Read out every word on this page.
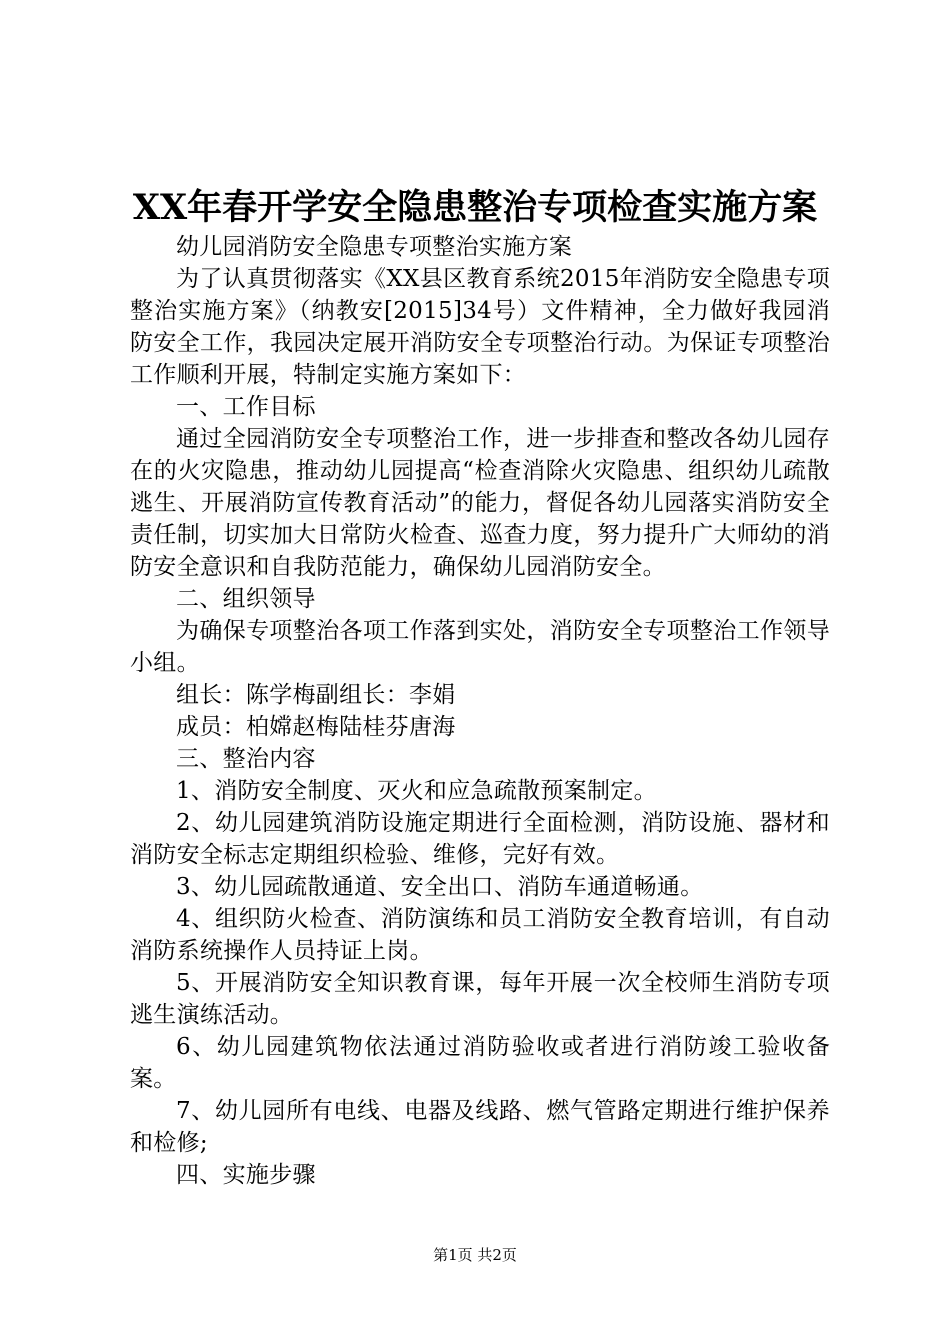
XX年春开学安全隐患整治专项检查实施方案

幼儿园消防安全隐患专项整治实施方案

为了认真贯彻落实《XX县区教育系统2015年消防安全隐患专项整治实施方案》（纳教安[2015]34号）文件精神，全力做好我园消防安全工作，我园决定展开消防安全专项整治行动。为保证专项整治工作顺利开展，特制定实施方案如下：

一、工作目标

通过全园消防安全专项整治工作，进一步排查和整改各幼儿园存在的火灾隐患，推动幼儿园提高“检查消除火灾隐患、组织幼儿疏散逃生、开展消防宣传教育活动”的能力，督促各幼儿园落实消防安全责任制，切实加大日常防火检查、巡查力度，努力提升广大师幼的消防安全意识和自我防范能力，确保幼儿园消防安全。

二、组织领导

为确保专项整治各项工作落到实处，消防安全专项整治工作领导小组。

组长：陈学梅副组长：李娟

成员：柏嫦赵梅陆桂芬唐海

三、整治内容

1、消防安全制度、灭火和应急疏散预案制定。

2、幼儿园建筑消防设施定期进行全面检测，消防设施、器材和消防安全标志定期组织检验、维修，完好有效。

3、幼儿园疏散通道、安全出口、消防车通道畅通。

4、组织防火检查、消防演练和员工消防安全教育培训，有自动消防系统操作人员持证上岗。

5、开展消防安全知识教育课，每年开展一次全校师生消防专项逃生演练活动。

6、幼儿园建筑物依法通过消防验收或者进行消防竣工验收备案。

7、幼儿园所有电线、电器及线路、燃气管路定期进行维护保养和检修;

四、实施步骤

第1页 共2页
